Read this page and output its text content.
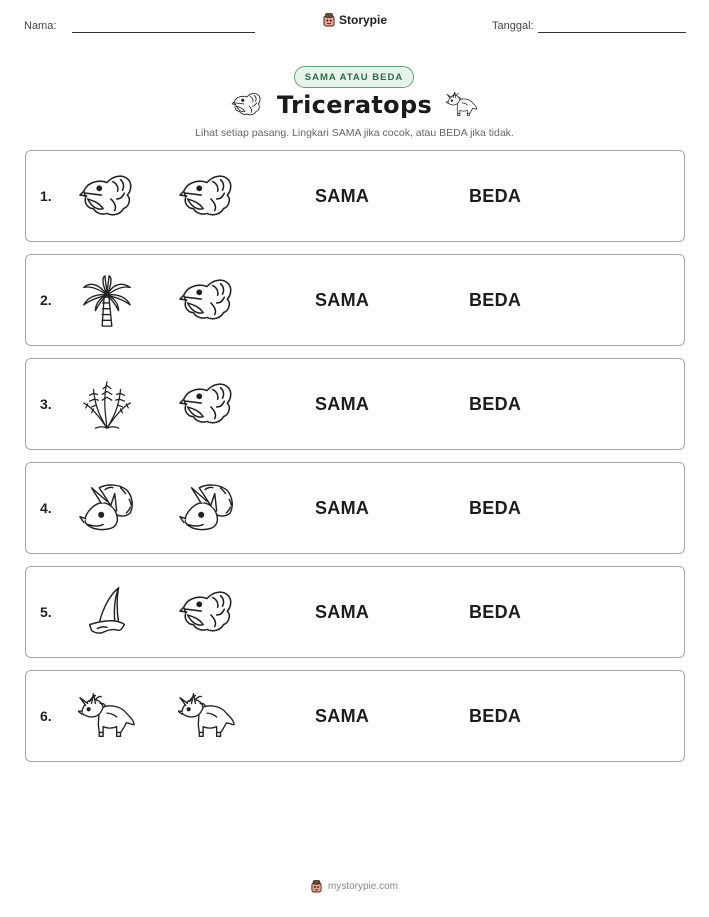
Nama:	Storypie	Tanggal:
SAMA ATAU BEDA
Triceratops
Lihat setiap pasang. Lingkari SAMA jika cocok, atau BEDA jika tidak.
1.	SAMA	BEDA
2.	SAMA	BEDA
3.	SAMA	BEDA
4.	SAMA	BEDA
5.	SAMA	BEDA
6.	SAMA	BEDA
mystorypie.com
